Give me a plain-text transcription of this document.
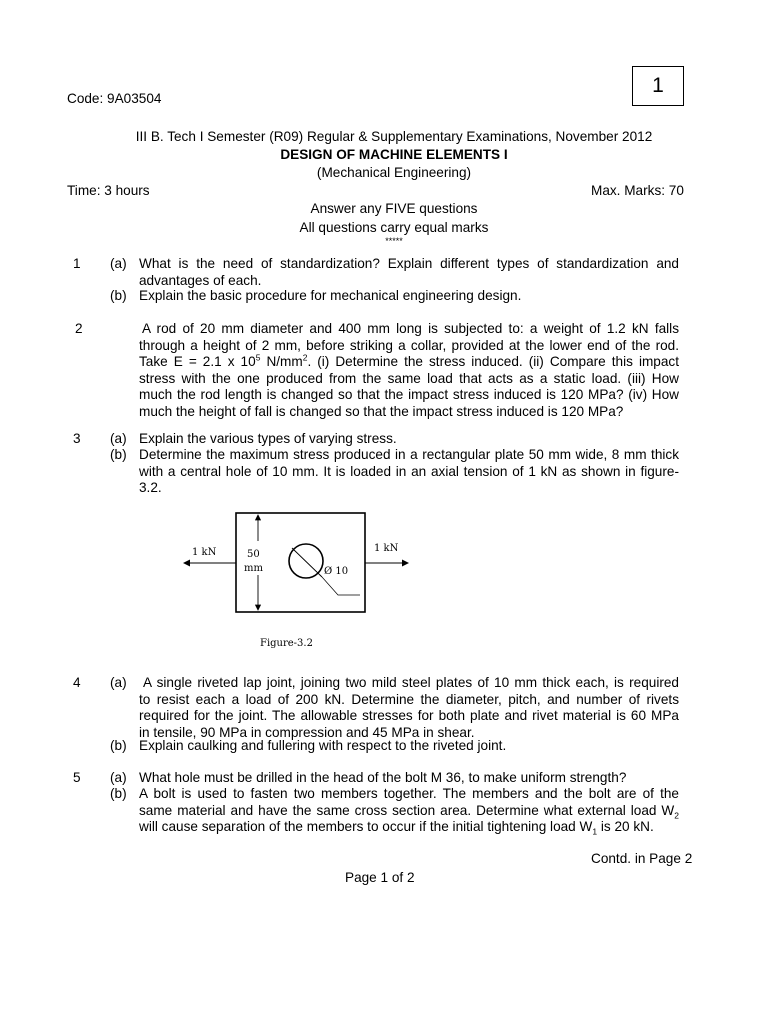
Code: 9A03504
1
III B. Tech I Semester (R09) Regular & Supplementary Examinations, November 2012
DESIGN OF MACHINE ELEMENTS I
(Mechanical Engineering)
Time: 3 hours	Max. Marks: 70
Answer any FIVE questions
All questions carry equal marks
*****
1 (a) What is the need of standardization? Explain different types of standardization and
advantages of each.
(b) Explain the basic procedure for mechanical engineering design.
2	A rod of 20 mm diameter and 400 mm long is subjected to: a weight of 1.2 kN falls
through a height of 2 mm, before striking a collar, provided at the lower end of the rod.
Take E = 2.1 x $10^5$ $N/mm^2$. (i) Determine the stress induced. (ii) Compare this impact
stress with the one produced from the same load that acts as a static load. (iii) How
much the rod length is changed so that the impact stress induced is 120 MPa? (iv) How
much the height of fall is changed so that the impact stress induced is 120 MPa?
3 (a) Explain the various types of varying stress.
(b) Determine the maximum stress produced in a rectangular plate 50 mm wide, 8 mm thick
with a central hole of 10 mm. It is loaded in an axial tension of 1 kN as shown in figure-
3.2.
1 kN	1 kN
50
mm	Ø 10
Figure-3.2
4 (a) A single riveted lap joint, joining two mild steel plates of 10 mm thick each, is required
to resist each a load of 200 kN. Determine the diameter, pitch, and number of rivets
required for the joint. The allowable stresses for both plate and rivet material is 60 MPa
in tensile, 90 MPa in compression and 45 MPa in shear.
(b) Explain caulking and fullering with respect to the riveted joint.
5 (a) What hole must be drilled in the head of the bolt M 36, to make uniform strength?
(b) A bolt is used to fasten two members together. The members and the bolt are of the
same material and have the same cross section area. Determine what external load $W_2$
will cause separation of the members to occur if the initial tightening load $W_1$ is 20 kN.
Contd. in Page 2
Page 1 of 2
